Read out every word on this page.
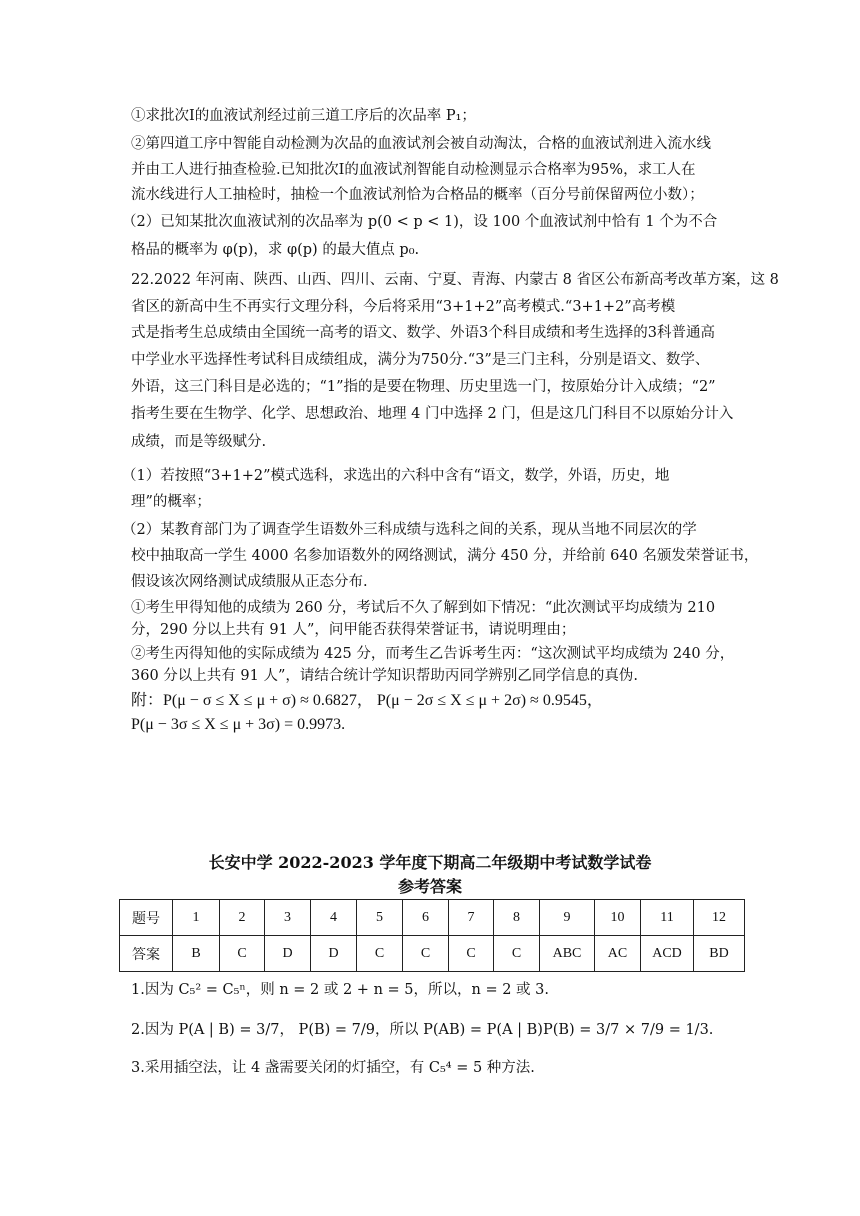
①求批次Ⅰ的血液试剂经过前三道工序后的次品率 P₁；
②第四道工序中智能自动检测为次品的血液试剂会被自动淘汰，合格的血液试剂进入流水线
并由工人进行抽查检验.已知批次Ⅰ的血液试剂智能自动检测显示合格率为95%，求工人在
流水线进行人工抽检时，抽检一个血液试剂恰为合格品的概率（百分号前保留两位小数）；
（2）已知某批次血液试剂的次品率为 p(0 < p < 1)，设 100 个血液试剂中恰有 1 个为不合
格品的概率为 φ(p)，求 φ(p) 的最大值点 p₀.
22.2022 年河南、陕西、山西、四川、云南、宁夏、青海、内蒙古 8 省区公布新高考改革方案，这 8
省区的新高中生不再实行文理分科，今后将采用“3+1+2”高考模式.“3+1+2”高考模
式是指考生总成绩由全国统一高考的语文、数学、外语3个科目成绩和考生选择的3科普通高
中学业水平选择性考试科目成绩组成，满分为750分.“3”是三门主科，分别是语文、数学、
外语，这三门科目是必选的；“1”指的是要在物理、历史里选一门，按原始分计入成绩；“2”
指考生要在生物学、化学、思想政治、地理 4 门中选择 2 门，但是这几门科目不以原始分计入
成绩，而是等级赋分.
（1）若按照“3+1+2”模式选科，求选出的六科中含有“语文，数学，外语，历史，地
理”的概率；
（2）某教育部门为了调查学生语数外三科成绩与选科之间的关系，现从当地不同层次的学
校中抽取高一学生 4000 名参加语数外的网络测试，满分 450 分，并给前 640 名颁发荣誉证书，
假设该次网络测试成绩服从正态分布.
①考生甲得知他的成绩为 260 分，考试后不久了解到如下情况：“此次测试平均成绩为 210
分，290 分以上共有 91 人”，问甲能否获得荣誉证书，请说明理由；
②考生丙得知他的实际成绩为 425 分，而考生乙告诉考生丙：“这次测试平均成绩为 240 分，
360 分以上共有 91 人”，请结合统计学知识帮助丙同学辨别乙同学信息的真伪.
附：P(μ − σ ≤ X ≤ μ + σ) ≈ 0.6827， P(μ − 2σ ≤ X ≤ μ + 2σ) ≈ 0.9545，
P(μ − 3σ ≤ X ≤ μ + 3σ) = 0.9973.
长安中学 2022-2023 学年度下期高二年级期中考试数学试卷
参考答案
题号	1	2	3	4	5	6	7	8	9	10	11	12
答案	B	C	D	D	C	C	C	C	ABC	AC	ACD	BD
1.因为 C₅² = C₅ⁿ，则 n = 2 或 2 + n = 5，所以，n = 2 或 3.
2.因为 P(A | B) = 3/7， P(B) = 7/9，所以 P(AB) = P(A | B)P(B) = 3/7 × 7/9 = 1/3.
3.采用插空法，让 4 盏需要关闭的灯插空，有 C₅⁴ = 5 种方法.
